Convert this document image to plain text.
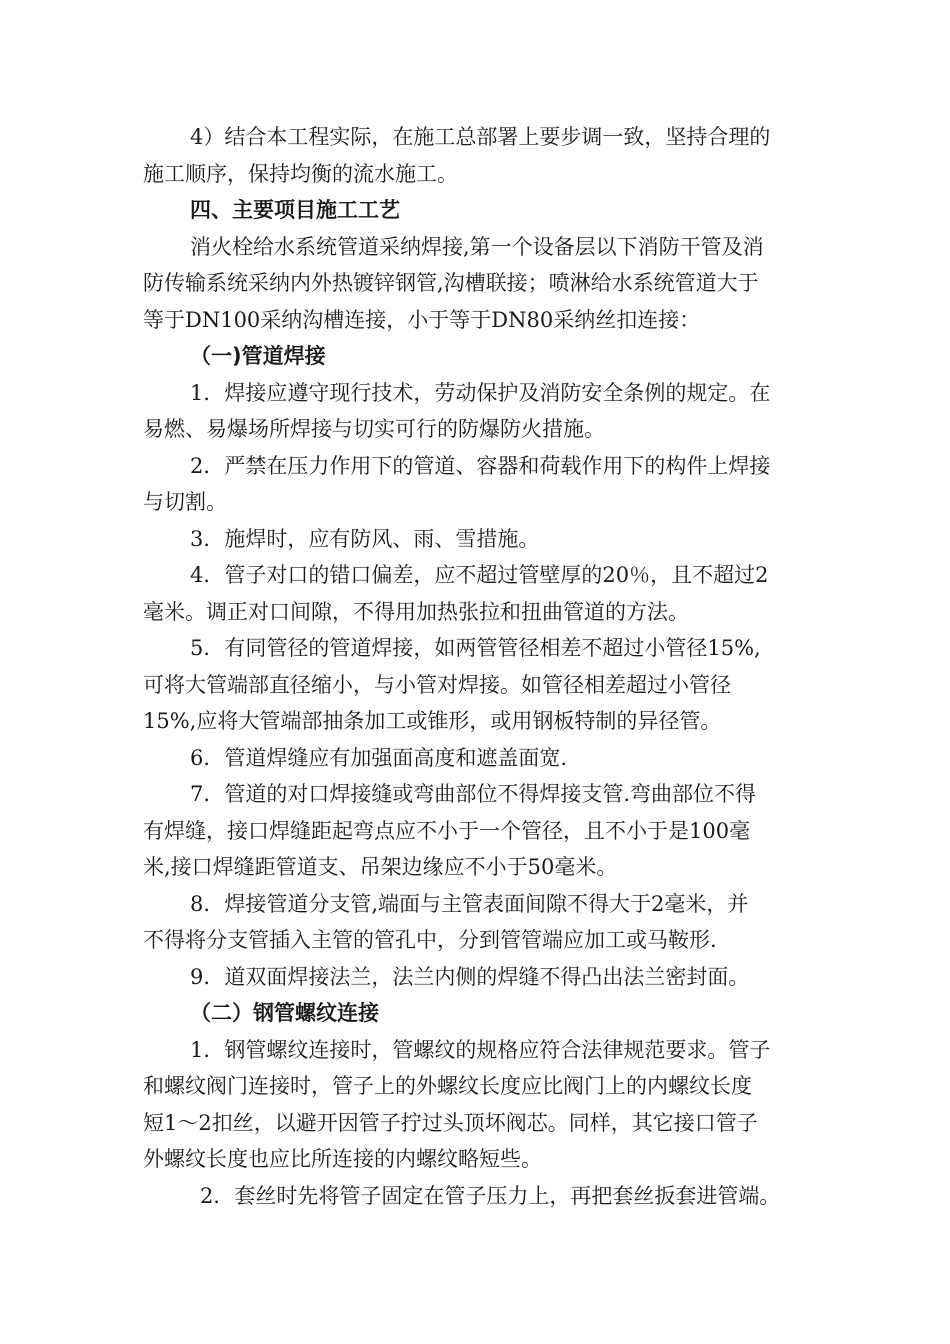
4）结合本工程实际，在施工总部署上要步调一致，坚持合理的

施工顺序，保持均衡的流水施工。

四、主要项目施工工艺

消火栓给水系统管道采纳焊接,第一个设备层以下消防干管及消

防传输系统采纳内外热镀锌钢管,沟槽联接；喷淋给水系统管道大于

等于DN100采纳沟槽连接，小于等于DN80采纳丝扣连接：

（一)管道焊接

1．焊接应遵守现行技术，劳动保护及消防安全条例的规定。在

易燃、易爆场所焊接与切实可行的防爆防火措施。

2．严禁在压力作用下的管道、容器和荷载作用下的构件上焊接

与切割。

3．施焊时，应有防风、雨、雪措施。

4．管子对口的错口偏差，应不超过管壁厚的20％，且不超过2

毫米。调正对口间隙，不得用加热张拉和扭曲管道的方法。

5．有同管径的管道焊接，如两管管径相差不超过小管径15%,

可将大管端部直径缩小，与小管对焊接。如管径相差超过小管径

15%,应将大管端部抽条加工或锥形，或用钢板特制的异径管。

6．管道焊缝应有加强面高度和遮盖面宽.

7．管道的对口焊接缝或弯曲部位不得焊接支管.弯曲部位不得

有焊缝，接口焊缝距起弯点应不小于一个管径，且不小于是100毫

米,接口焊缝距管道支、吊架边缘应不小于50毫米。

8．焊接管道分支管,端面与主管表面间隙不得大于2毫米，并

不得将分支管插入主管的管孔中，分到管管端应加工或马鞍形.

9．道双面焊接法兰，法兰内侧的焊缝不得凸出法兰密封面。

（二）钢管螺纹连接

1．钢管螺纹连接时，管螺纹的规格应符合法律规范要求。管子

和螺纹阀门连接时，管子上的外螺纹长度应比阀门上的内螺纹长度

短1～2扣丝，以避开因管子拧过头顶坏阀芯。同样，其它接口管子

外螺纹长度也应比所连接的内螺纹略短些。

2．套丝时先将管子固定在管子压力上，再把套丝扳套进管端。
